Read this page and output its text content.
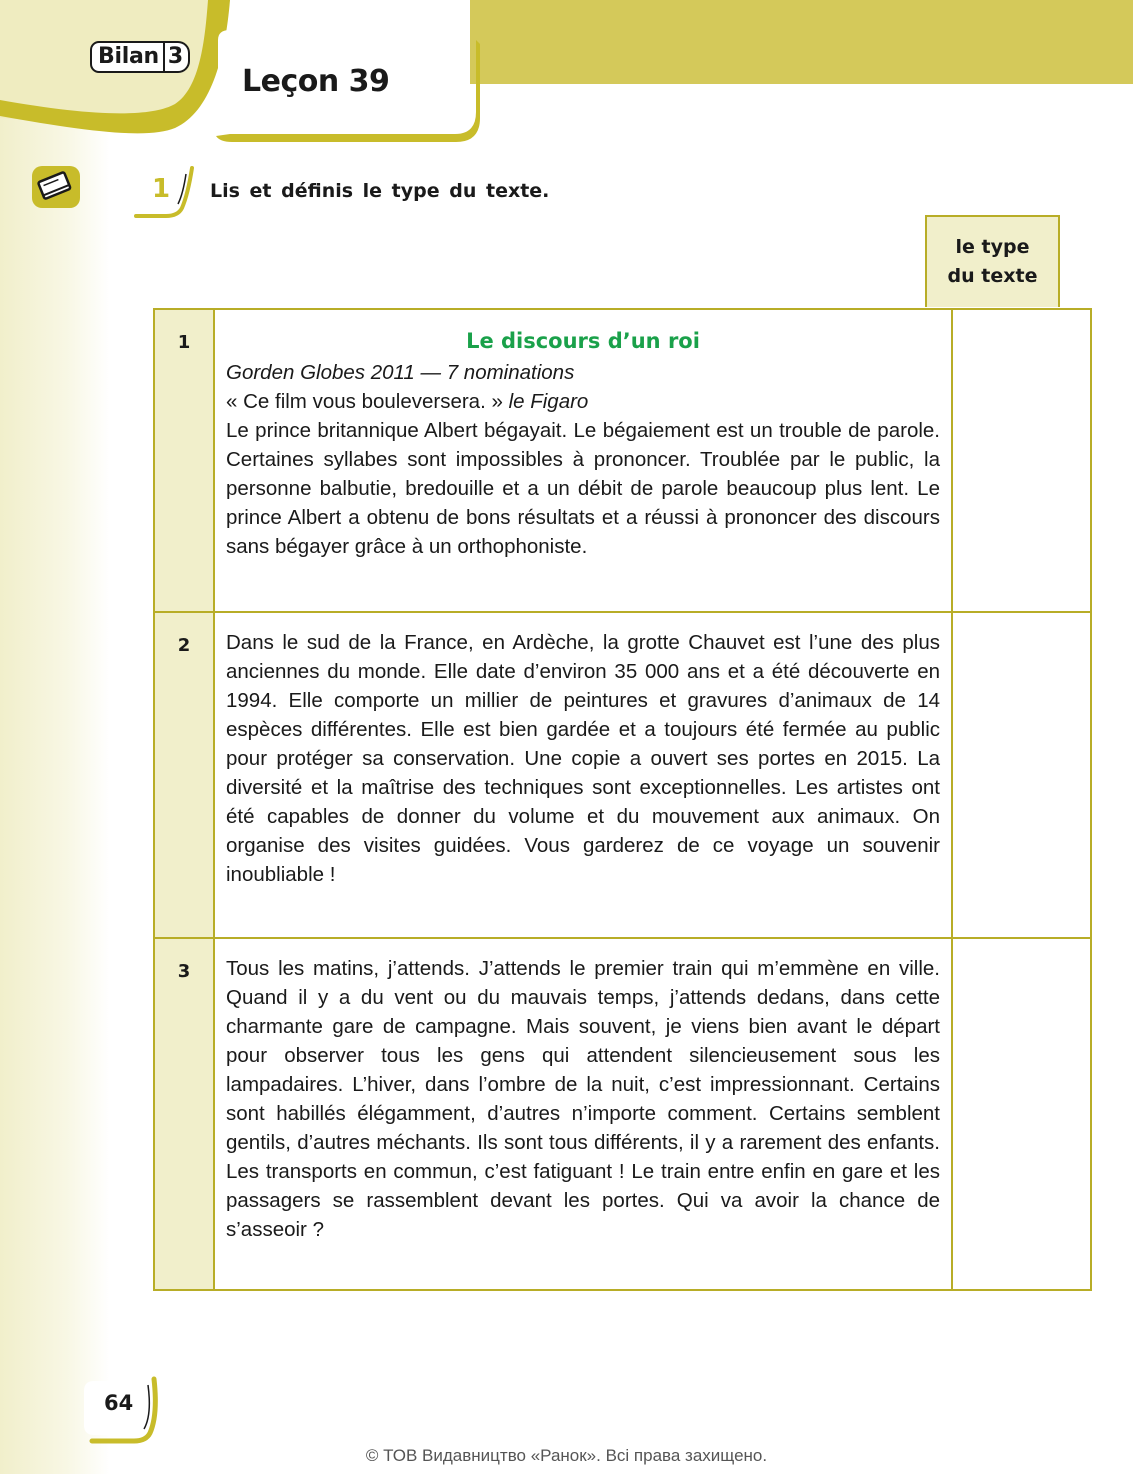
Bilan 3
Leçon 39
1 Lis et définis le type du texte.
le type
du texte
1	Le discours d’un roi
Gorden Globes 2011 — 7 nominations
« Ce film vous bouleversera. » le Figaro
Le prince britannique Albert bégayait. Le bégaiement est un trouble de parole. Certaines syllabes sont impossibles à prononcer. Troublée par le public, la personne balbutie, bredouille et a un débit de parole beaucoup plus lent. Le prince Albert a obtenu de bons résultats et a réussi à prononcer des discours sans bégayer grâce à un orthophoniste.	

2	Dans le sud de la France, en Ardèche, la grotte Chauvet est l’une des plus anciennes du monde. Elle date d’environ 35 000 ans et a été découverte en 1994. Elle comporte un millier de peintures et gravures d’animaux de 14 espèces différentes. Elle est bien gardée et a toujours été fermée au public pour protéger sa conservation. Une copie a ouvert ses portes en 2015. La diversité et la maîtrise des techniques sont exceptionnelles. Les artistes ont été capables de donner du volume et du mouvement aux animaux. On organise des visites guidées. Vous garderez de ce voyage un souvenir inoubliable !	

3	Tous les matins, j’attends. J’attends le premier train qui m’emmène en ville. Quand il y a du vent ou du mauvais temps, j’attends dedans, dans cette charmante gare de campagne. Mais souvent, je viens bien avant le départ pour observer tous les gens qui attendent silencieusement sous les lampadaires. L’hiver, dans l’ombre de la nuit, c’est impressionnant. Certains sont habillés élégamment, d’autres n’importe comment. Certains semblent gentils, d’autres méchants. Ils sont tous différents, il y a rarement des enfants. Les transports en commun, c’est fatiguant ! Le train entre enfin en gare et les passagers se rassemblent devant les portes. Qui va avoir la chance de s’asseoir ?	

64
© ТОВ Видавництво «Ранок». Всі права захищено.
